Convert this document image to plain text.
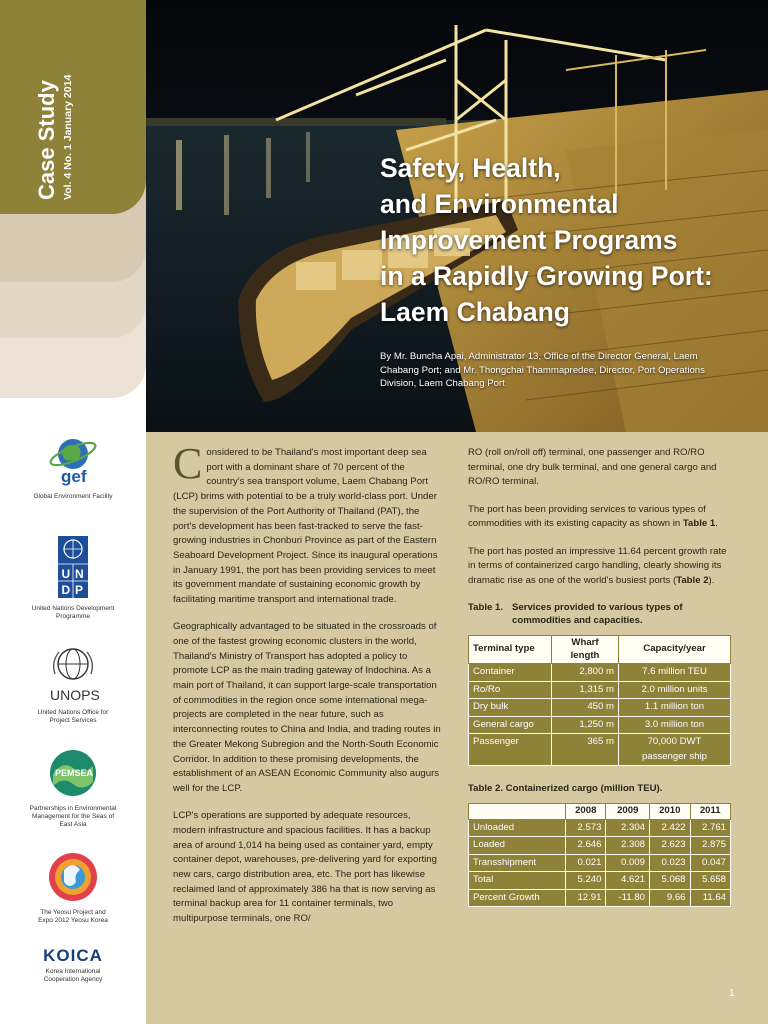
Case Study Vol. 4 No. 1 January 2014
gef
Global Environment Facility
U N
D P
United Nations Development Programme
UNOPS
United Nations Office for Project Services
PEMSEA
Partnerships in Environmental Management for the Seas of East Asia
The Yeosu Project and Expo 2012 Yeosu Korea
KOICA
Korea International Cooperation Agency
Safety, Health,
and Environmental
Improvement Programs
in a Rapidly Growing Port:
Laem Chabang
By Mr. Buncha Apai, Administrator 13, Office of the Director General, Laem Chabang Port; and Mr. Thongchai Thammapredee, Director, Port Operations Division, Laem Chabang Port

Considered to be Thailand's most important deep sea port with a dominant share of 70 percent of the country's sea transport volume, Laem Chabang Port (LCP) brims with potential to be a truly world-class port. Under the supervision of the Port Authority of Thailand (PAT), the port's development has been fast-tracked to serve the fast-growing industries in Chonburi Province as part of the Eastern Seaboard Development Project. Since its inaugural operations in January 1991, the port has been providing services to meet its government mandate of sustaining economic growth by facilitating maritime transport and international trade.

Geographically advantaged to be situated in the crossroads of one of the fastest growing economic clusters in the world, Thailand's Ministry of Transport has adopted a policy to promote LCP as the main trading gateway of Indochina. As a main port of Thailand, it can support large-scale transportation of commodities in the region once some international mega-projects are completed in the near future, such as interconnecting routes to China and India, and trading routes in the Greater Mekong Subregion and the North-South Economic Corridor. In addition to these promising developments, the establishment of an ASEAN Economic Community also augurs well for the LCP.

LCP's operations are supported by adequate resources, modern infrastructure and spacious facilities. It has a backup area of around 1,014 ha being used as container yard, empty container depot, warehouses, pre-delivering yard for exporting new cars, cargo distribution area, etc. The port has likewise reclaimed land of approximately 386 ha that is now serving as terminal backup area for 11 container terminals, two multipurpose terminals, one RO/

RO (roll on/roll off) terminal, one passenger and RO/RO terminal, one dry bulk terminal, and one general cargo and RO/RO terminal.

The port has been providing services to various types of commodities with its existing capacity as shown in Table 1.

The port has posted an impressive 11.64 percent growth rate in terms of containerized cargo handling, clearly showing its dramatic rise as one of the world's busiest ports (Table 2).

Table 1. Services provided to various types of
commodities and capacities.
Terminal type	Wharf length	Capacity/year
Container	2,800 m	7.6 million TEU
Ro/Ro	1,315 m	2.0 million units
Dry bulk	450 m	1.1 million ton
General cargo	1,250 m	3.0 million ton
Passenger	365 m	70,000 DWT passenger ship
Table 2. Containerized cargo (million TEU).
	2008	2009	2010	2011
Unloaded	2.573	2.304	2.422	2.761
Loaded	2.646	2.308	2.623	2.875
Transshipment	0.021	0.009	0.023	0.047
Total	5.240	4.621	5.068	5.658
Percent Growth	12.91	-11.80	9.66	11.64
1
